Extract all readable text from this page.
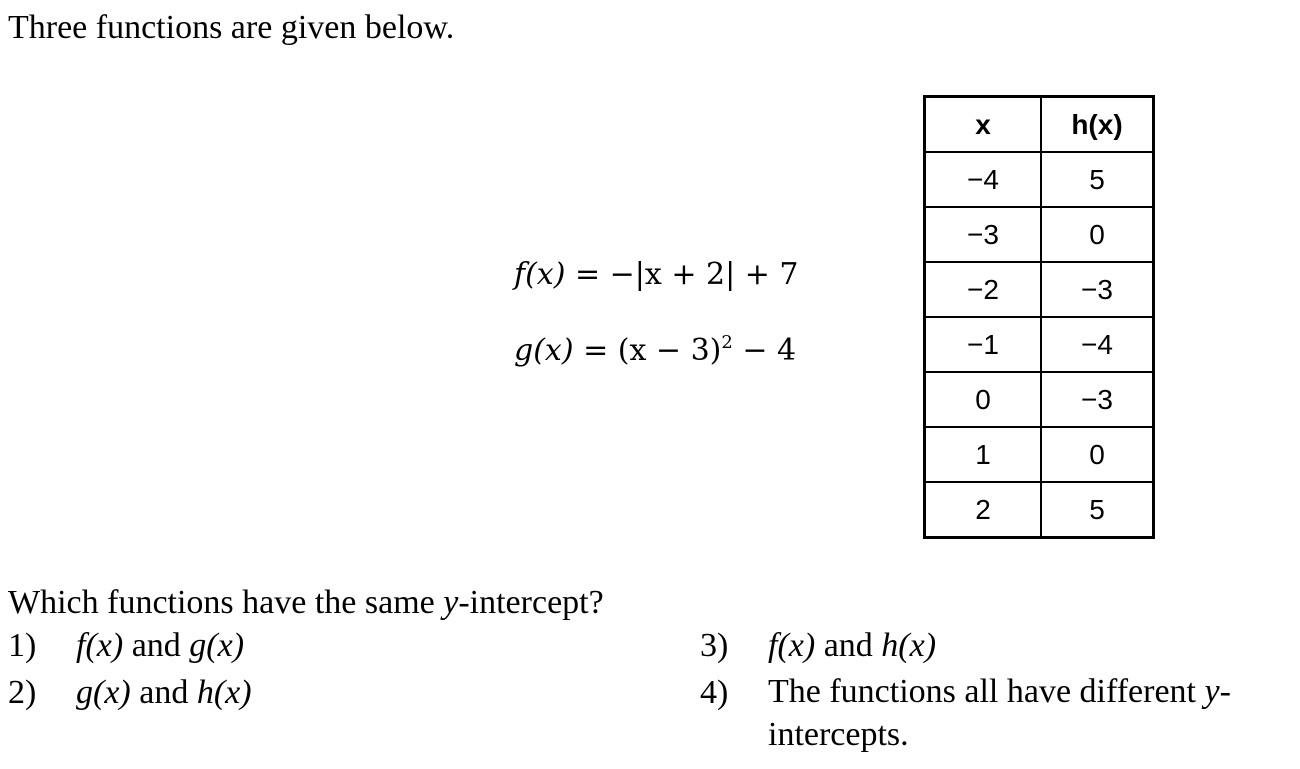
Three functions are given below.
f(x) = −|x + 2| + 7
$g(x) = (x - 3)^2 - 4$
x	h(x)
−4	5
−3	0
−2	−3
−1	−4
0	−3
1	0
2	5
Which functions have the same y-intercept?
1) f(x) and g(x)
2) g(x) and h(x)
3) f(x) and h(x)
4) The functions all have different y-intercepts.
